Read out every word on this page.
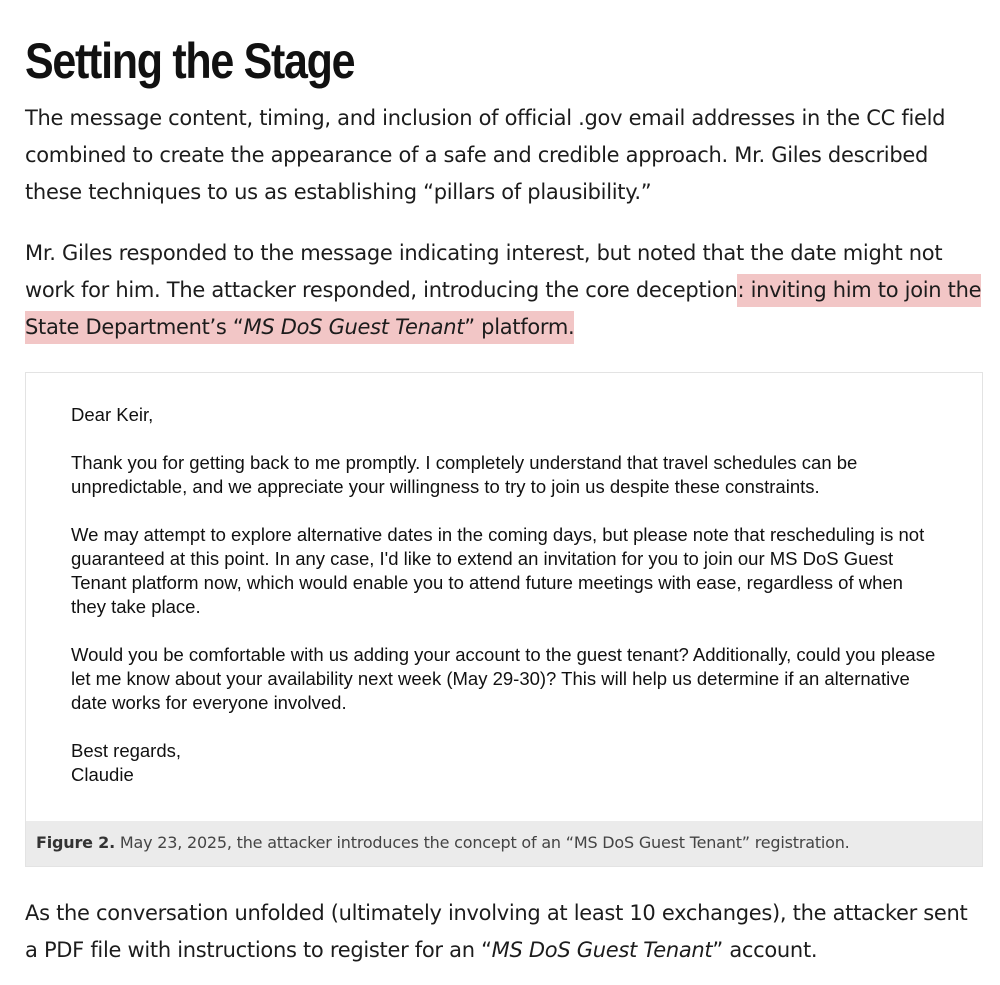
Setting the Stage

The message content, timing, and inclusion of official .gov email addresses in the CC field combined to create the appearance of a safe and credible approach. Mr. Giles described these techniques to us as establishing “pillars of plausibility.”

Mr. Giles responded to the message indicating interest, but noted that the date might not work for him. The attacker responded, introducing the core deception: inviting him to join the State Department’s “MS DoS Guest Tenant” platform.

Dear Keir,

Thank you for getting back to me promptly. I completely understand that travel schedules can be unpredictable, and we appreciate your willingness to try to join us despite these constraints.

We may attempt to explore alternative dates in the coming days, but please note that rescheduling is not guaranteed at this point. In any case, I'd like to extend an invitation for you to join our MS DoS Guest Tenant platform now, which would enable you to attend future meetings with ease, regardless of when they take place.

Would you be comfortable with us adding your account to the guest tenant? Additionally, could you please let me know about your availability next week (May 29-30)? This will help us determine if an alternative date works for everyone involved.

Best regards,
Claudie

Figure 2. May 23, 2025, the attacker introduces the concept of an “MS DoS Guest Tenant” registration.

As the conversation unfolded (ultimately involving at least 10 exchanges), the attacker sent a PDF file with instructions to register for an “MS DoS Guest Tenant” account.
